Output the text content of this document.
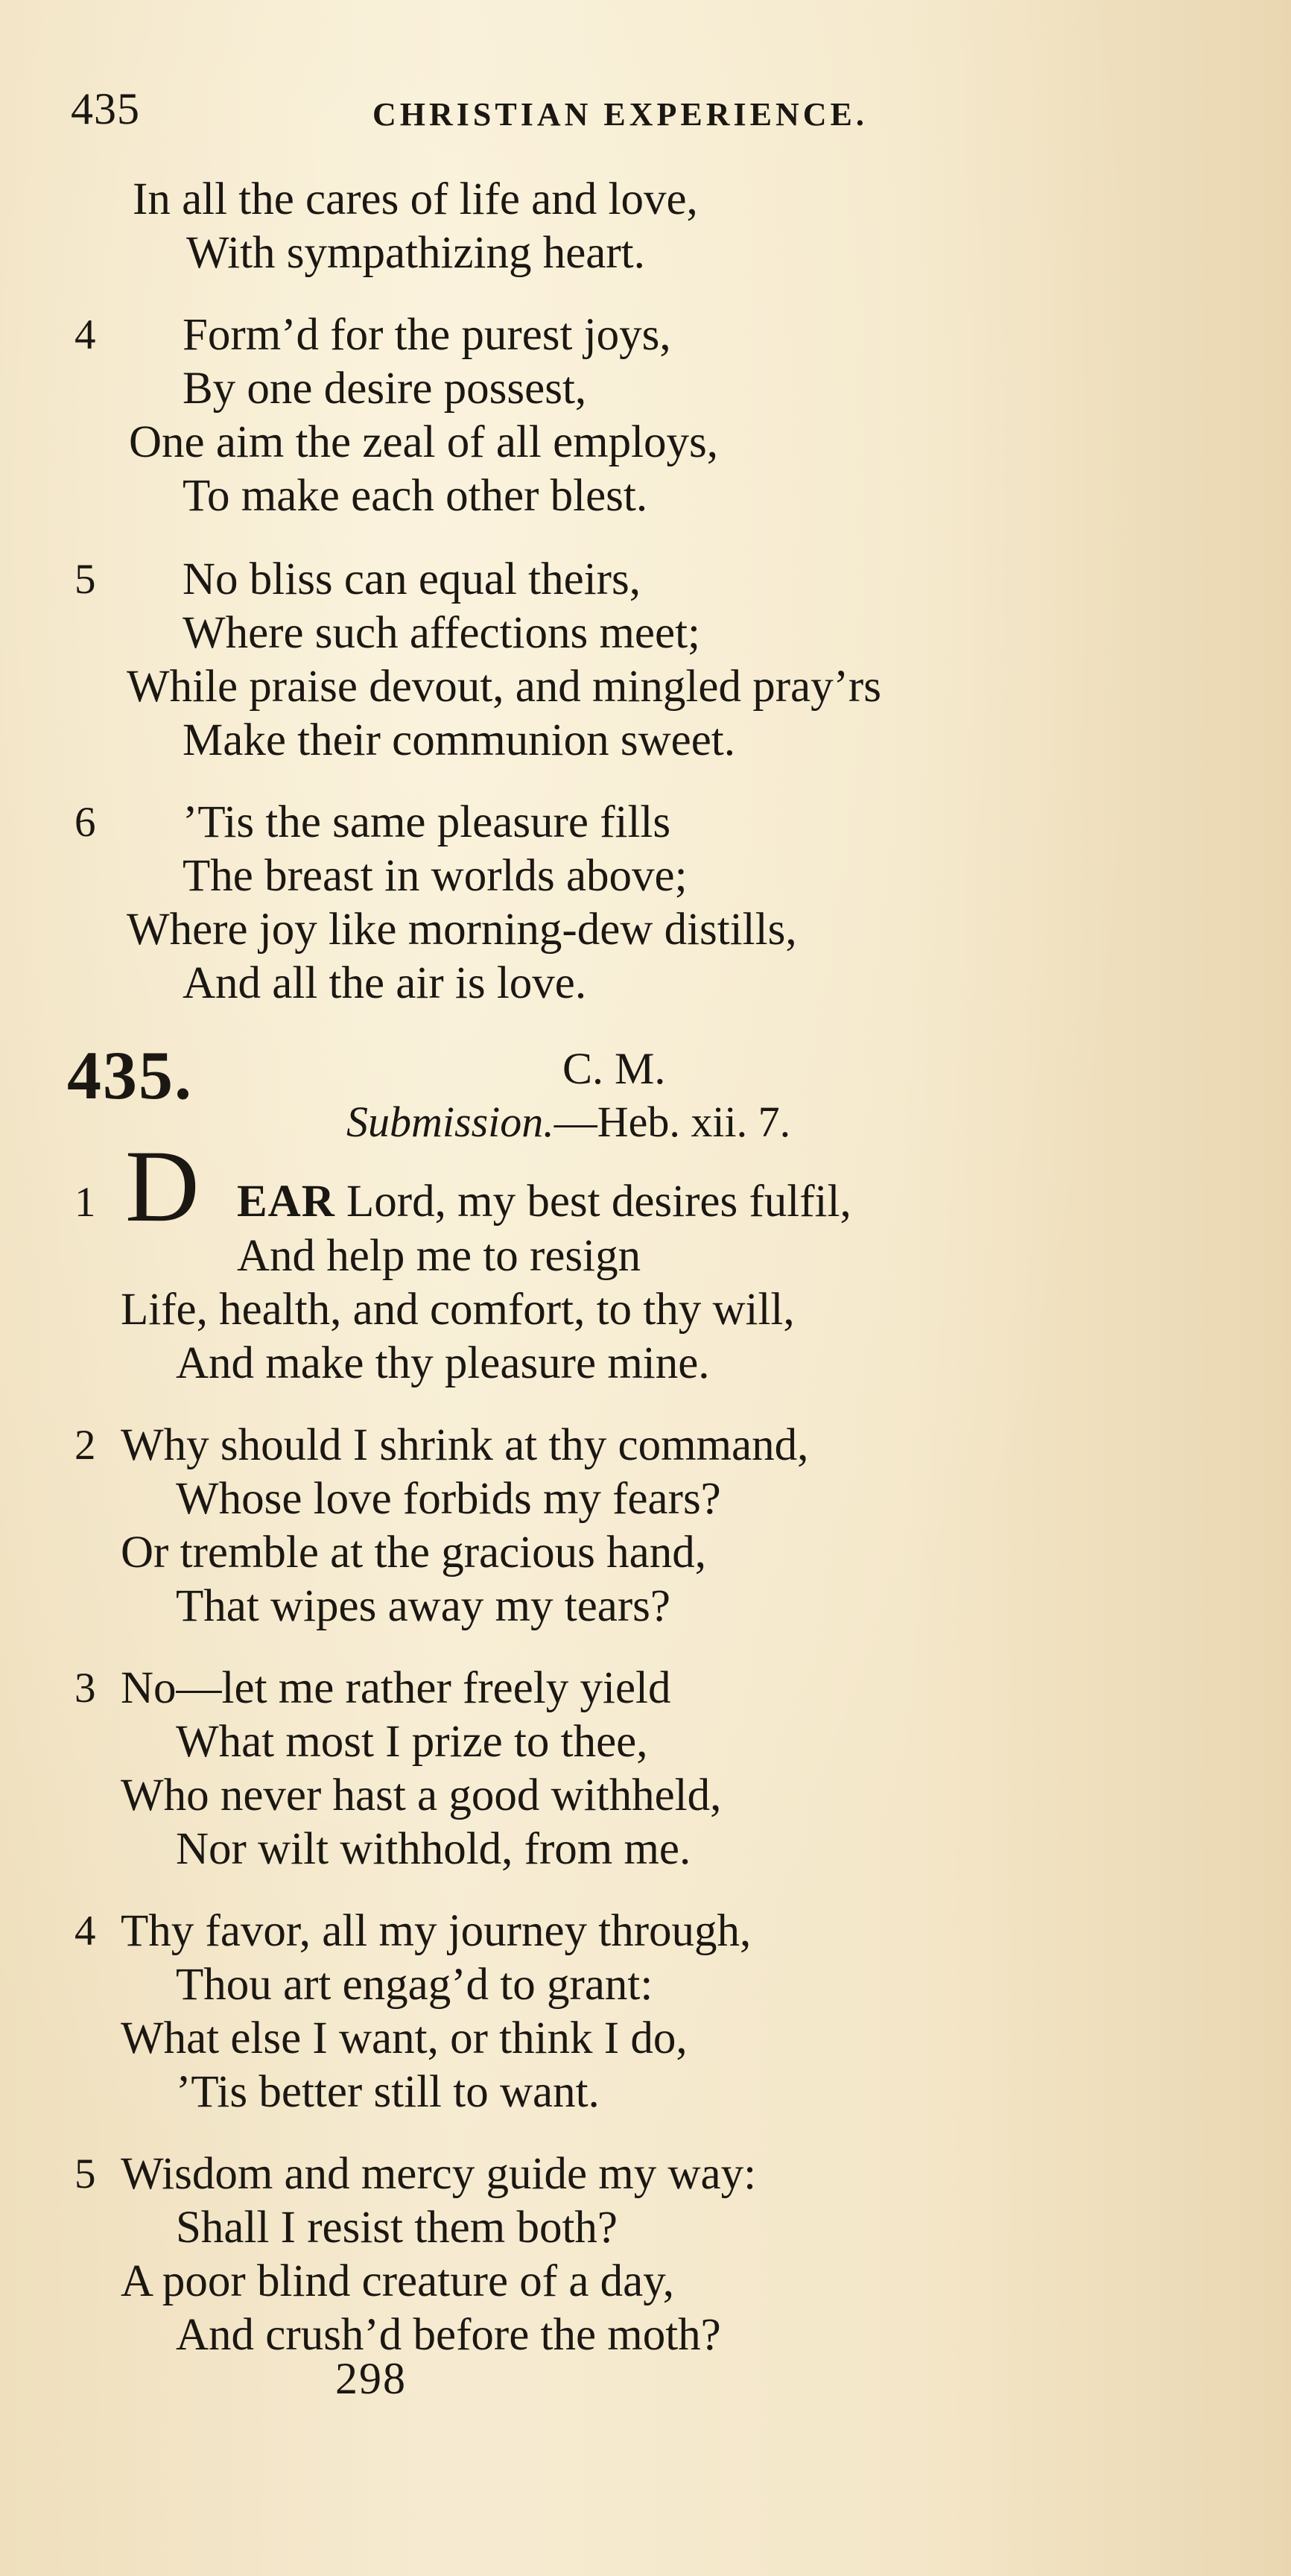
435	CHRISTIAN EXPERIENCE.
In all the cares of life and love,
With sympathizing heart.
4 Form’d for the purest joys,
By one desire possest,
One aim the zeal of all employs,
To make each other blest.
5 No bliss can equal theirs,
Where such affections meet;
While praise devout, and mingled pray’rs
Make their communion sweet.
6 ’Tis the same pleasure fills
The breast in worlds above;
Where joy like morning-dew distills,
And all the air is love.
435.	C. M.
Submission.—Heb. xii. 7.
1 D EAR Lord, my best desires fulfil,
And help me to resign
Life, health, and comfort, to thy will,
And make thy pleasure mine.
2 Why should I shrink at thy command,
Whose love forbids my fears?
Or tremble at the gracious hand,
That wipes away my tears?
3 No—let me rather freely yield
What most I prize to thee,
Who never hast a good withheld,
Nor wilt withhold, from me.
4 Thy favor, all my journey through,
Thou art engag’d to grant:
What else I want, or think I do,
’Tis better still to want.
5 Wisdom and mercy guide my way:
Shall I resist them both?
A poor blind creature of a day,
And crush’d before the moth?
298
